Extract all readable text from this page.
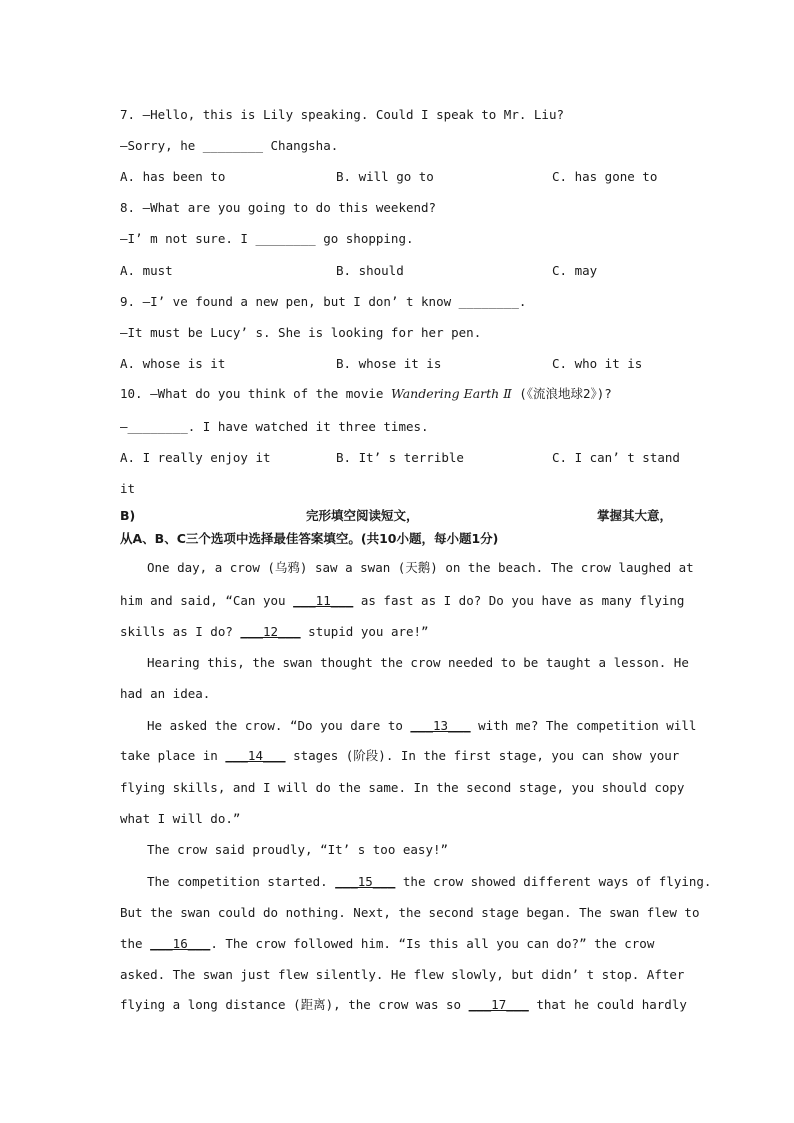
7. —Hello, this is Lily speaking. Could I speak to Mr. Liu?
—Sorry, he ________ Changsha.
A. has been to	B. will go to	C. has gone to
8. —What are you going to do this weekend?
—I’ m not sure. I ________ go shopping.
A. must	B. should	C. may
9. —I’ ve found a new pen, but I don’ t know ________.
—It must be Lucy’ s. She is looking for her pen.
A. whose is it	B. whose it is	C. who it is
10. —What do you think of the movie Wandering Earth Ⅱ (《流浪地球2》)?
—________. I have watched it three times.
A. I really enjoy it	B. It’ s terrible	C. I can’ t stand
it
B)	完形填空阅读短文，	掌握其大意，
从A、B、C三个选项中选择最佳答案填空。(共10小题，每小题1分)
One day, a crow (乌鸦) saw a swan (天鹅) on the beach. The crow laughed at
him and said, “Can you ___11___ as fast as I do? Do you have as many flying
skills as I do? ___12___ stupid you are!”
Hearing this, the swan thought the crow needed to be taught a lesson. He
had an idea.
He asked the crow. “Do you dare to ___13___ with me? The competition will
take place in ___14___ stages (阶段). In the first stage, you can show your
flying skills, and I will do the same. In the second stage, you should copy
what I will do.”
The crow said proudly, “It’ s too easy!”
The competition started. ___15___ the crow showed different ways of flying.
But the swan could do nothing. Next, the second stage began. The swan flew to
the ___16___. The crow followed him. “Is this all you can do?” the crow
asked. The swan just flew silently. He flew slowly, but didn’ t stop. After
flying a long distance (距离), the crow was so ___17___ that he could hardly
